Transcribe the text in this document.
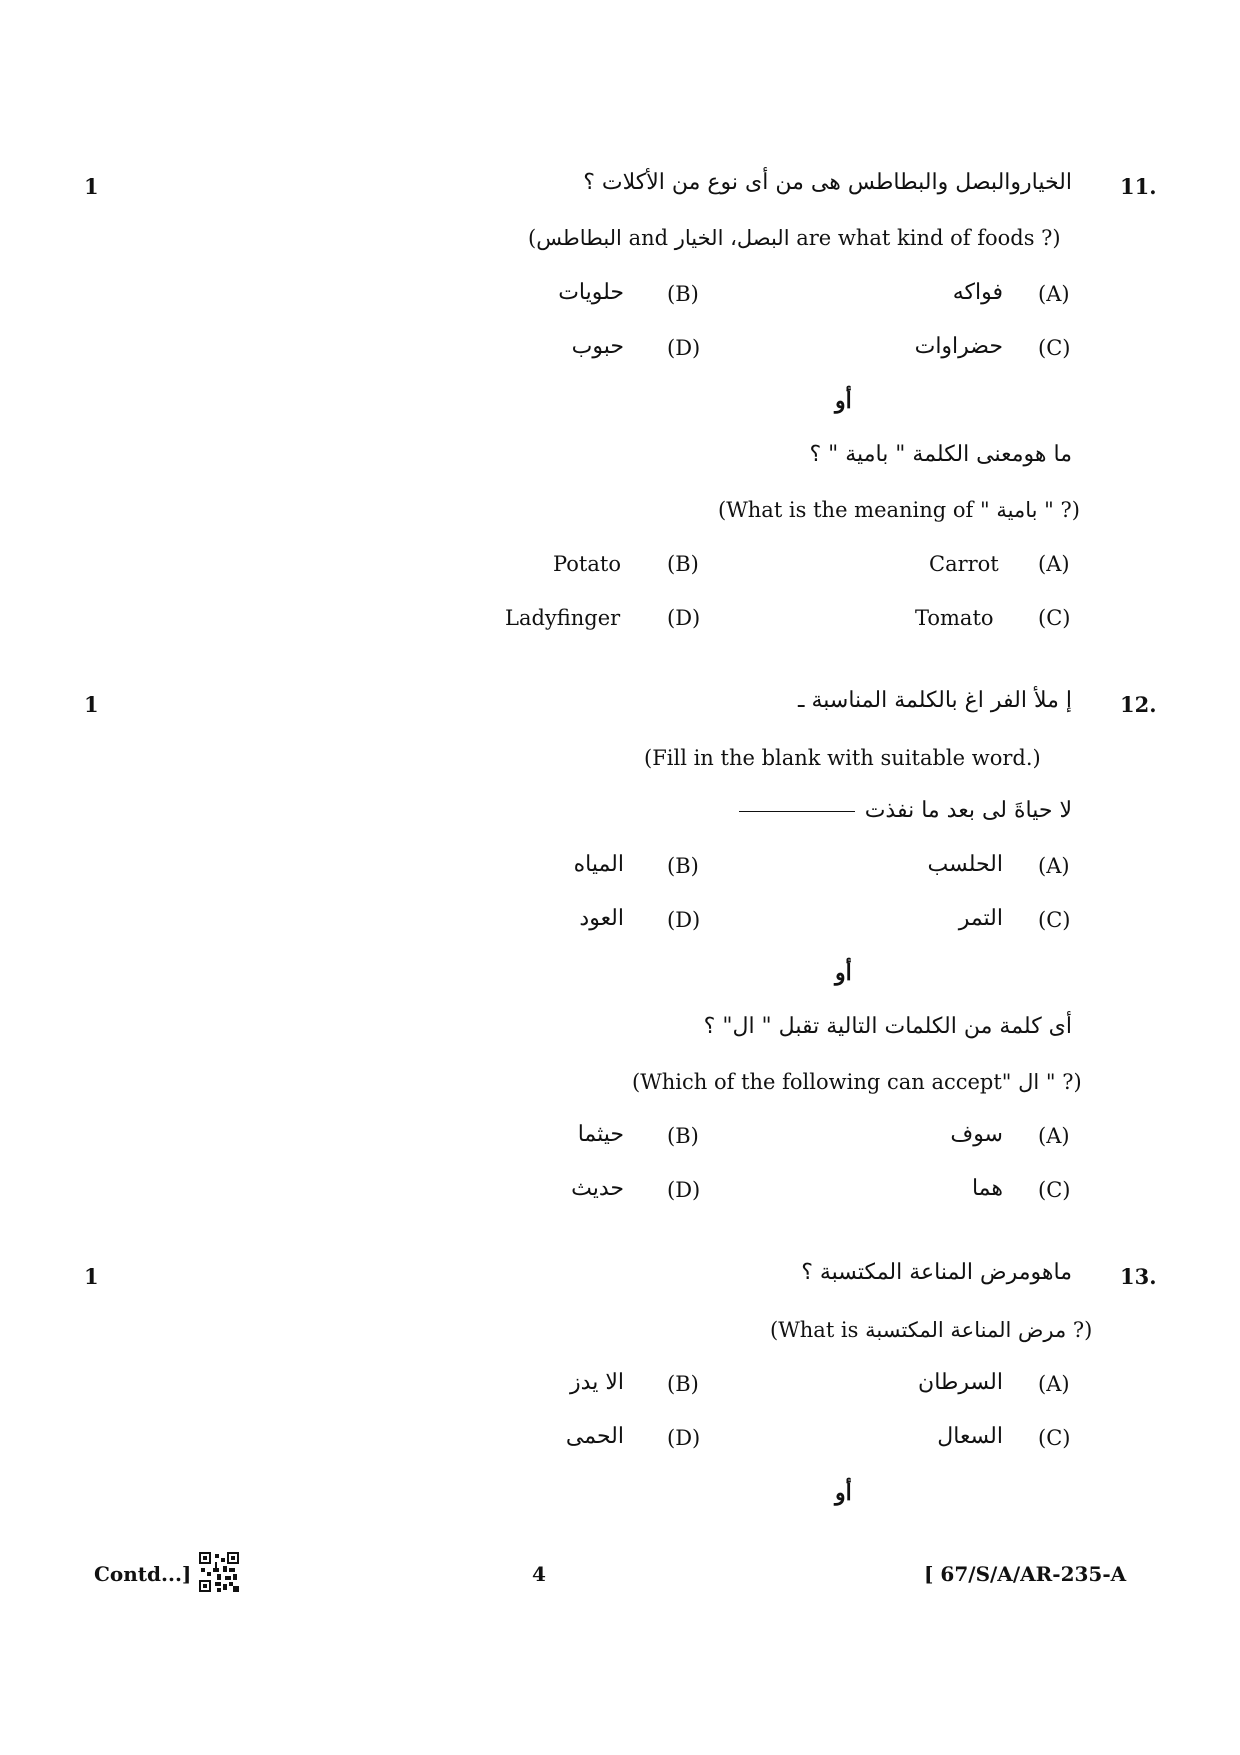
1	11.
الخياروالبصل والبطاطس هى من أى نوع من الأكلات ؟
(البطاطس and البصل، الخيار are what kind of foods ?)
(A)
فواكه
(B)
حلويات
(C)
حضراوات
(D)
حبوب
أو
ما هومعنى الكلمة " بامية " ؟
(What is the meaning of " بامية " ?)
(A)
Carrot
(B)
Potato
(C)
Tomato
(D)
Ladyfinger
1	12.
إ ملأ الفر اغ بالكلمة المناسبة ـ
(Fill in the blank with suitable word.)
لا حياةَ لى بعد ما نفذت
(A)
الحلسب
(B)
المياه
(C)
التمر
(D)
العود
أو
أى كلمة من الكلمات التالية تقبل " ال" ؟
(Which of the following can accept" ال " ?)
(A)
سوف
(B)
حيثما
(C)
هما
(D)
حديث
1	13.
ماهومرض المناعة المكتسبة ؟
(What is مرض المناعة المكتسبة ?)
(A)
السرطان
(B)
الا يدز
(C)
السعال
(D)
الحمى
أو
Contd...]	4	[ 67/S/A/AR-235-A
